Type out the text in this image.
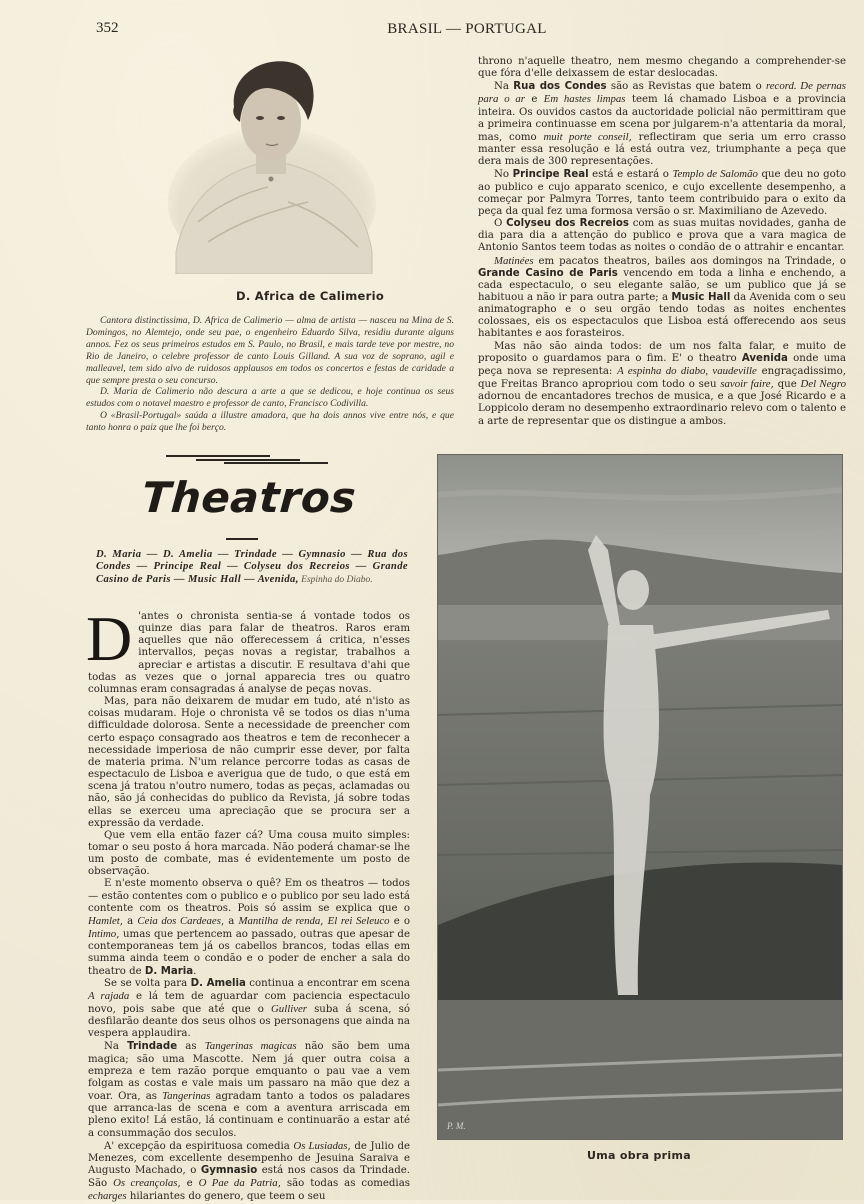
352	BRASIL — PORTUGAL
D. Africa de Calimerio

Cantora distinctissima, D. Africa de Calimerio — alma de artista — nasceu na Mina de S. Domingos, no Alemtejo, onde seu pae, o engenheiro Eduardo Silva, residiu durante alguns annos. Fez os seus primeiros estudos em S. Paulo, no Brasil, e mais tarde teve por mestre, no Rio de Janeiro, o celebre professor de canto Louis Gilland. A sua voz de soprano, agil e malleavel, tem sido alvo de ruidosos applausos em todos os concertos e festas de caridade a que sempre presta o seu concurso.

D. Maria de Calimerio não descura a arte a que se dedicou, e hoje continua os seus estudos com o notavel maestro e professor de canto, Francisco Codivilla.

O «Brasil-Portugal» saúda a illustre amadora, que ha dois annos vive entre nós, e que tanto honra o paiz que lhe foi berço.

throno n'aquelle theatro, nem mesmo chegando a comprehender-se que fóra d'elle deixassem de estar deslocadas.

Na Rua dos Condes são as Revistas que batem o record. De pernas para o ar e Em hastes limpas teem lá chamado Lisboa e a provincia inteira. Os ouvidos castos da auctoridade policial não permittiram que a primeira continuasse em scena por julgarem-n'a attentaria da moral, mas, como muit porte conseil, reflectiram que seria um erro crasso manter essa resolução e lá está outra vez, triumphante a peça que dera mais de 300 representações.

No Principe Real está e estará o Templo de Salomão que deu no goto ao publico e cujo apparato scenico, e cujo excellente desempenho, a começar por Palmyra Torres, tanto teem contribuido para o exito da peça da qual fez uma formosa versão o sr. Maximiliano de Azevedo.

O Colyseu dos Recreios com as suas muitas novidades, ganha de dia para dia a attenção do publico e prova que a vara magica de Antonio Santos teem todas as noites o condão de o attrahir e encantar.

Matinées em pacatos theatros, bailes aos domingos na Trindade, o Grande Casino de Paris vencendo em toda a linha e enchendo, a cada espectaculo, o seu elegante salão, se um publico que já se habituou a não ir para outra parte; a Music Hall da Avenida com o seu animatographo e o seu orgão tendo todas as noites enchentes colossaes, eis os espectaculos que Lisboa está offerecendo aos seus habitantes e aos forasteiros.

Mas não são ainda todos: de um nos falta falar, e muito de proposito o guardamos para o fim. E' o theatro Avenida onde uma peça nova se representa: A espinha do diabo, vaudeville engraçadissimo, que Freitas Branco apropriou com todo o seu savoir faire, que Del Negro adornou de encantadores trechos de musica, e a que José Ricardo e a Loppicolo deram no desempenho extraordinario relevo com o talento e a arte de representar que os distingue a ambos.

Theatros
D. Maria — D. Amelia — Trindade — Gymnasio — Rua dos Condes — Principe Real — Colyseu dos Recreios — Grande Casino de Paris — Music Hall — Avenida, Espinha do Diabo.

D 'antes o chronista sentia-se á vontade todos os quinze dias para falar de theatros. Raros eram aquelles que não offerecessem á critica, n'esses intervallos, peças novas a registar, trabalhos a apreciar e artistas a discutir. E resultava d'ahi que todas as vezes que o jornal apparecia tres ou quatro columnas eram consagradas á analyse de peças novas.

Mas, para não deixarem de mudar em tudo, até n'isto as coisas mudaram. Hoje o chronista vê se todos os dias n'uma difficuldade dolorosa. Sente a necessidade de preencher com certo espaço consagrado aos theatros e tem de reconhecer a necessidade imperiosa de não cumprir esse dever, por falta de materia prima. N'um relance percorre todas as casas de espectaculo de Lisboa e averigua que de tudo, o que está em scena já tratou n'outro numero, todas as peças, aclamadas ou não, são já conhecidas do publico da Revista, já sobre todas ellas se exerceu uma apreciação que se procura ser a expressão da verdade.

Que vem ella então fazer cá? Uma cousa muito simples: tomar o seu posto á hora marcada. Não poderá chamar-se lhe um posto de combate, mas é evidentemente um posto de observação.

E n'este momento observa o quê? Em os theatros — todos — estão contentes com o publico e o publico por seu lado está contente com os theatros. Pois só assim se explica que o Hamlet, a Ceia dos Cardeaes, a Mantilha de renda, El rei Seleuco e o Intimo, umas que pertencem ao passado, outras que apesar de contemporaneas tem já os cabellos brancos, todas ellas em summa ainda teem o condão e o poder de encher a sala do theatro de D. Maria.

Se se volta para D. Amelia continua a encontrar em scena A rajada e lá tem de aguardar com paciencia espectaculo novo, pois sabe que até que o Gulliver suba á scena, só desfilarão deante dos seus olhos os personagens que ainda na vespera applaudira.

Na Trindade as Tangerinas magicas não são bem uma magica; são uma Mascotte. Nem já quer outra coisa a empreza e tem razão porque emquanto o pau vae a vem folgam as costas e vale mais um passaro na mão que dez a voar. Ora, as Tangerinas agradam tanto a todos os paladares que arranca-las de scena e com a aventura arriscada em pleno exito! Lá estão, lá continuam e continuarão a estar até a consummação dos seculos.

A' excepção da espirituosa comedia Os Lusiadas, de Julio de Menezes, com excellente desempenho de Jesuina Saraiva e Augusto Machado, o Gymnasio está nos casos da Trindade. São Os creançolas, e O Pae da Patria, são todas as comedias echarges hilariantes do genero, que teem o seu

P. M.
Uma obra prima
